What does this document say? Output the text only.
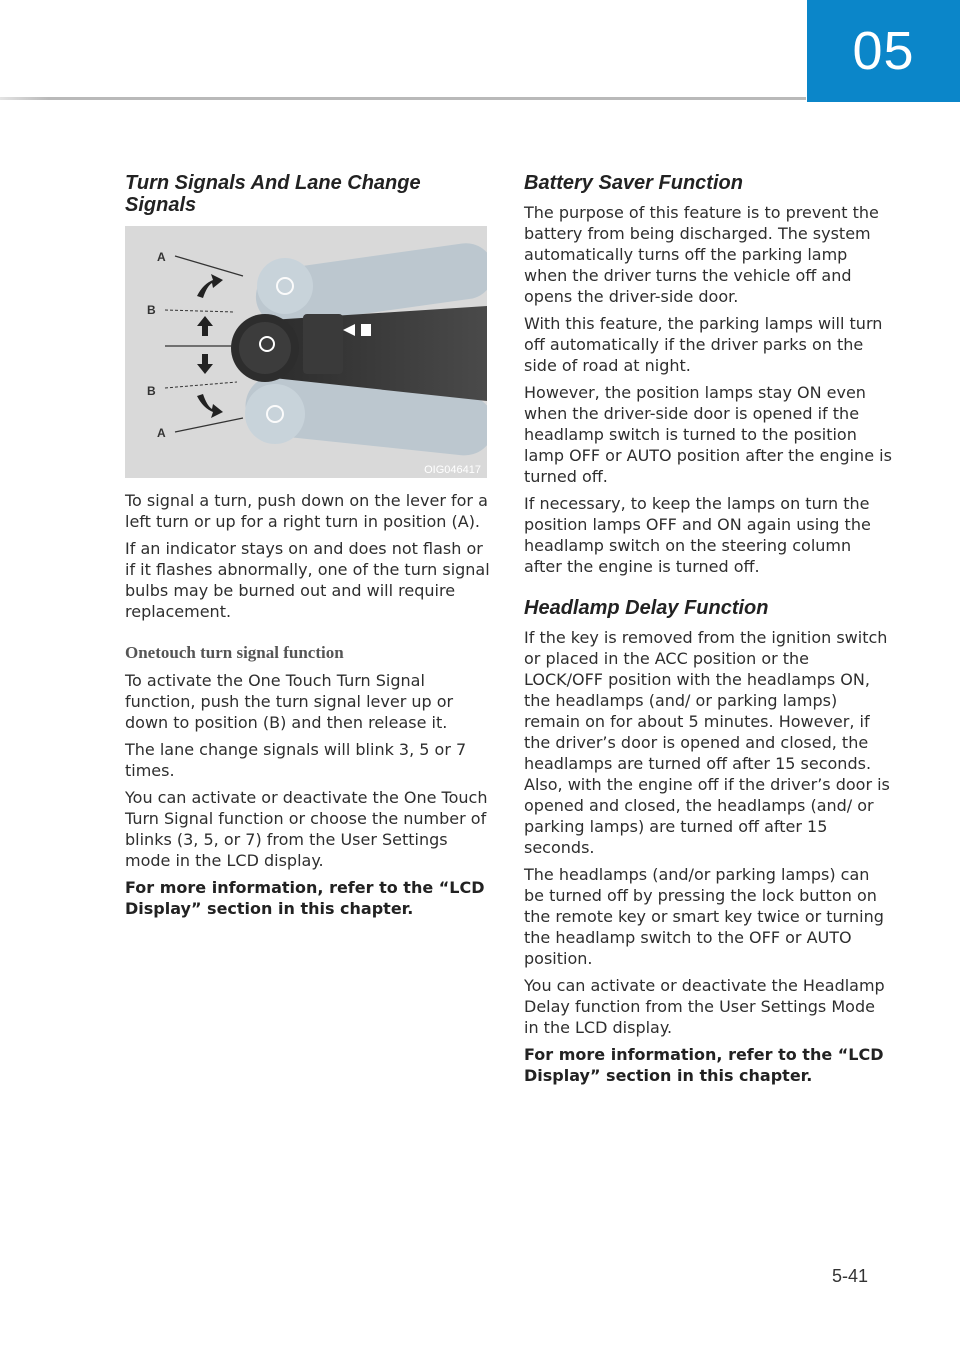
05
Turn Signals And Lane Change Signals
A
B
B
A
OIG046417

To signal a turn, push down on the lever for a left turn or up for a right turn in position (A).

If an indicator stays on and does not flash or if it flashes abnormally, one of the turn signal bulbs may be burned out and will require replacement.

Onetouch turn signal function

To activate the One Touch Turn Signal function, push the turn signal lever up or down to position (B) and then release it.

The lane change signals will blink 3, 5 or 7 times.

You can activate or deactivate the One Touch Turn Signal function or choose the number of blinks (3, 5, or 7) from the User Settings mode in the LCD display.

For more information, refer to the “LCD Display” section in this chapter.

Battery Saver Function

The purpose of this feature is to prevent the battery from being discharged. The system automatically turns off the parking lamp when the driver turns the vehicle off and opens the driver-side door.

With this feature, the parking lamps will turn off automatically if the driver parks on the side of road at night.

However, the position lamps stay ON even when the driver-side door is opened if the headlamp switch is turned to the position lamp OFF or AUTO position after the engine is turned off.

If necessary, to keep the lamps on turn the position lamps OFF and ON again using the headlamp switch on the steering column after the engine is turned off.

Headlamp Delay Function

If the key is removed from the ignition switch or placed in the ACC position or the LOCK/OFF position with the headlamps ON, the headlamps (and/ or parking lamps) remain on for about 5 minutes. However, if the driver’s door is opened and closed, the headlamps are turned off after 15 seconds. Also, with the engine off if the driver’s door is opened and closed, the headlamps (and/ or parking lamps) are turned off after 15 seconds.

The headlamps (and/or parking lamps) can be turned off by pressing the lock button on the remote key or smart key twice or turning the headlamp switch to the OFF or AUTO position.

You can activate or deactivate the Headlamp Delay function from the User Settings Mode in the LCD display.

For more information, refer to the “LCD Display” section in this chapter.

5-41
